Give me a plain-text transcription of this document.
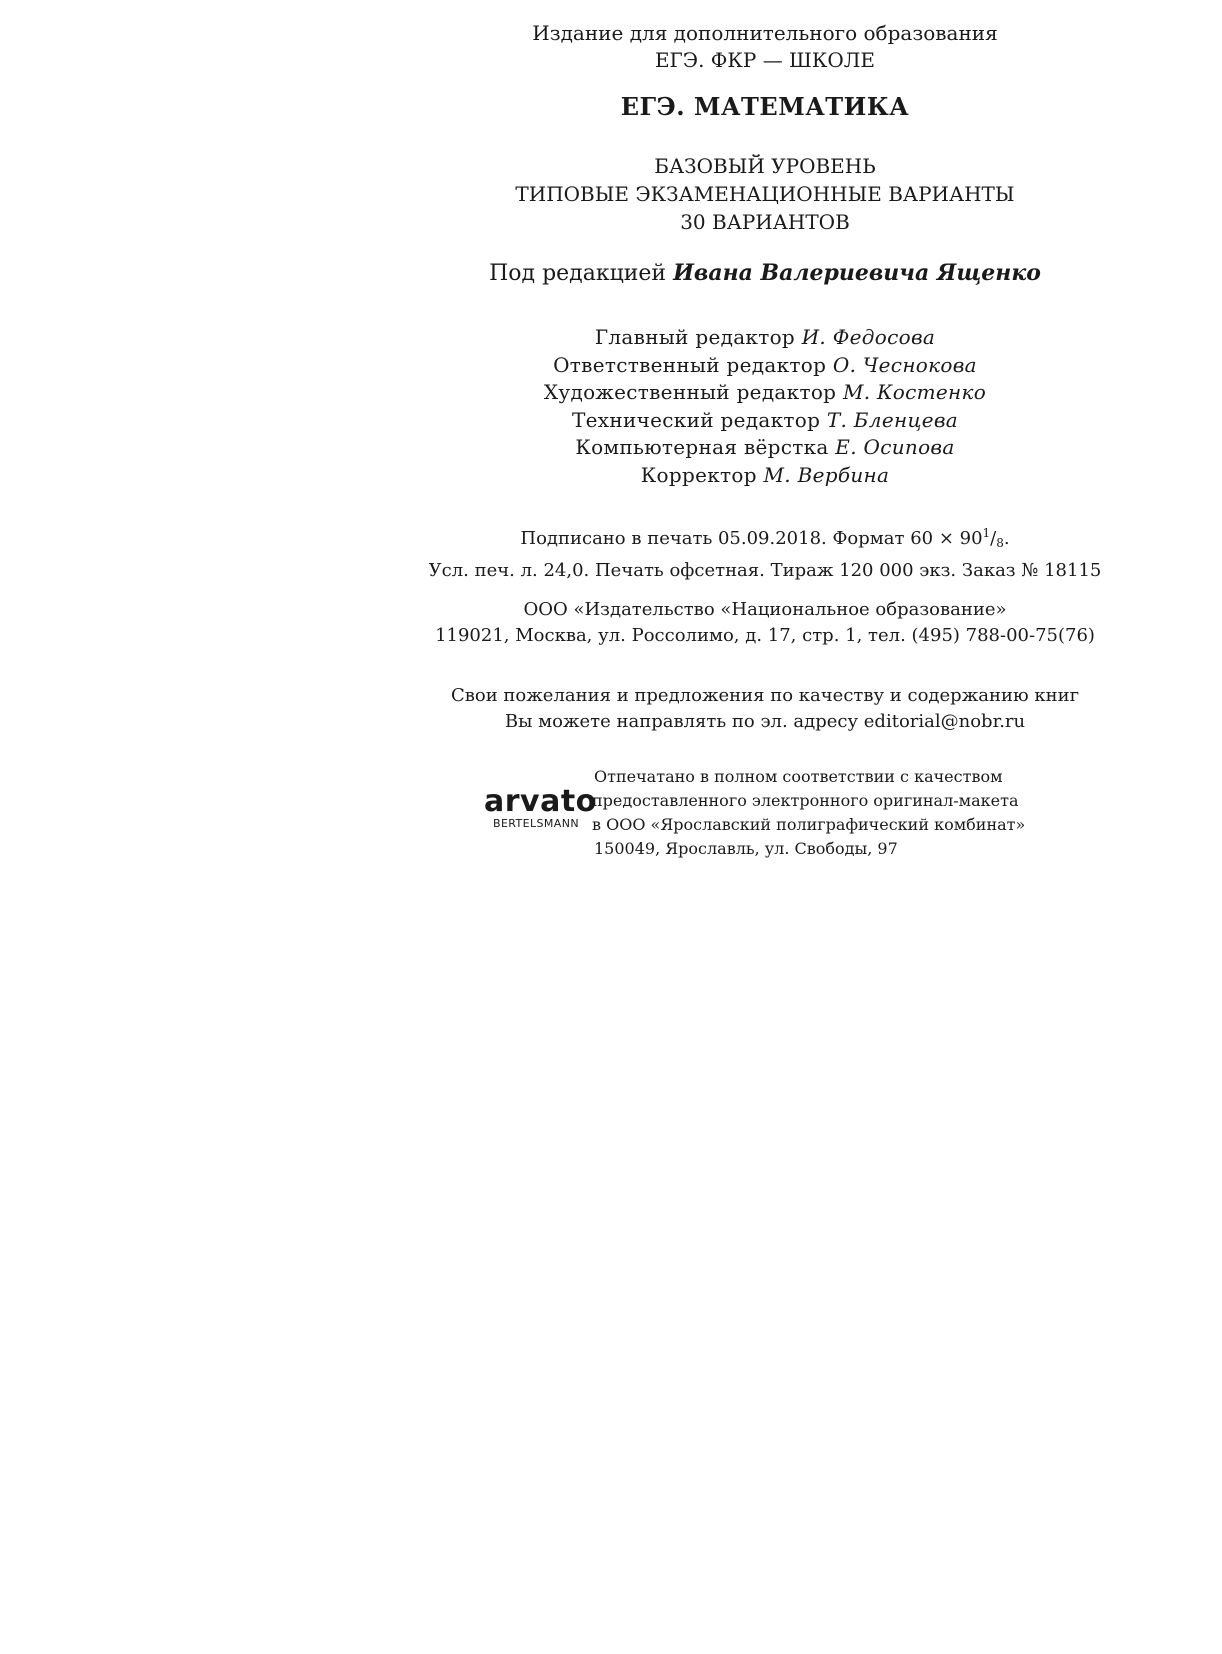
Издание для дополнительного образования
ЕГЭ. ФКР — ШКОЛЕ
ЕГЭ. МАТЕМАТИКА
БАЗОВЫЙ УРОВЕНЬ
ТИПОВЫЕ ЭКЗАМЕНАЦИОННЫЕ ВАРИАНТЫ
30 ВАРИАНТОВ
Под редакцией Ивана Валериевича Ященко
Главный редактор И. Федосова
Ответственный редактор О. Чеснокова
Художественный редактор М. Костенко
Технический редактор Т. Бленцева
Компьютерная вёрстка Е. Осипова
Корректор М. Вербина
Подписано в печать 05.09.2018. Формат $60 \times 90^1/_8$.
Усл. печ. л. 24,0. Печать офсетная. Тираж 120 000 экз. Заказ № 18115
ООО «Издательство «Национальное образование»
119021, Москва, ул. Россолимо, д. 17, стр. 1, тел. (495) 788-00-75(76)
Свои пожелания и предложения по качеству и содержанию книг
Вы можете направлять по эл. адресу editorial@nobr.ru
arvato
BERTELSMANN
Отпечатано в полном соответствии с качеством
предоставленного электронного оригинал-макета
в ООО «Ярославский полиграфический комбинат»
150049, Ярославль, ул. Свободы, 97
